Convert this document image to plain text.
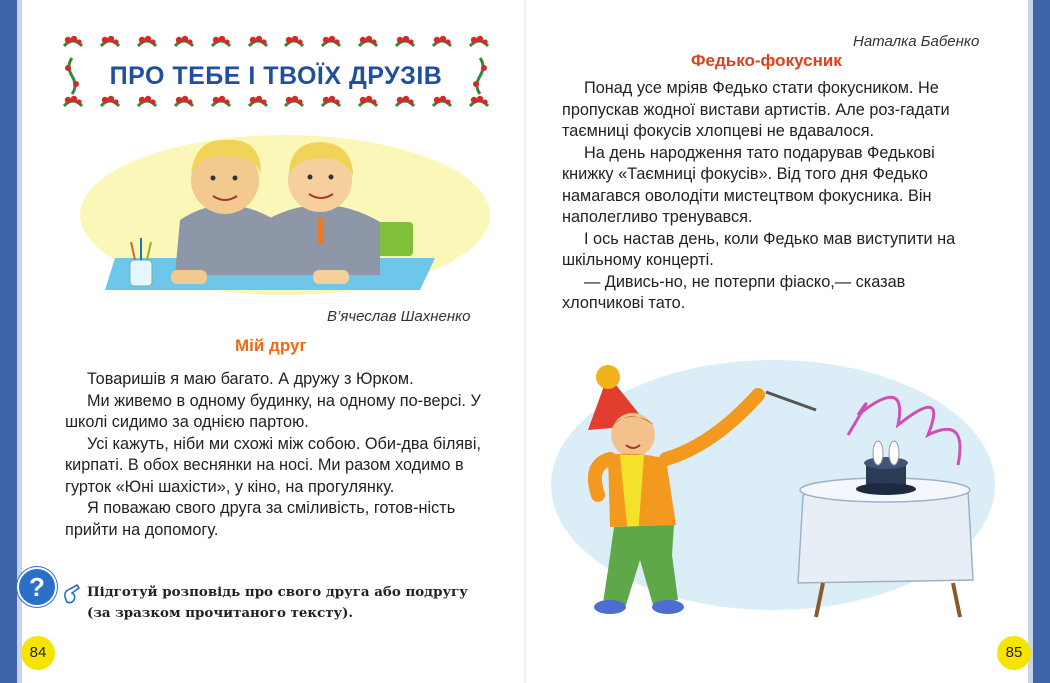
ПРО ТЕБЕ І ТВОЇХ ДРУЗІВ
В’ячеслав Шахненко
Мій друг

Товаришів я маю багато. А дружу з Юрком.

Ми живемо в одному будинку, на одному по-версі. У школі сидимо за однією партою.

Усі кажуть, ніби ми схожі між собою. Оби-два біляві, кирпаті. В обох веснянки на носі. Ми разом ходимо в гурток «Юні шахісти», у кіно, на прогулянку.

Я поважаю свого друга за сміливість, готов-ність прийти на допомогу.

?	Підготуй розповідь про свого друга або подругу
(за зразком прочитаного тексту).
84
Наталка Бабенко
Федько-фокусник

Понад усе мріяв Федько стати фокусником. Не пропускав жодної вистави артистів. Але роз-гадати таємниці фокусів хлопцеві не вдавалося.

На день народження тато подарував Федькові книжку «Таємниці фокусів». Від того дня Федько намагався оволодіти мистецтвом фокусника. Він наполегливо тренувався.

І ось настав день, коли Федько мав виступити на шкільному концерті.

— Дивись-но, не потерпи фіаско,— сказав хлопчикові тато.

85
